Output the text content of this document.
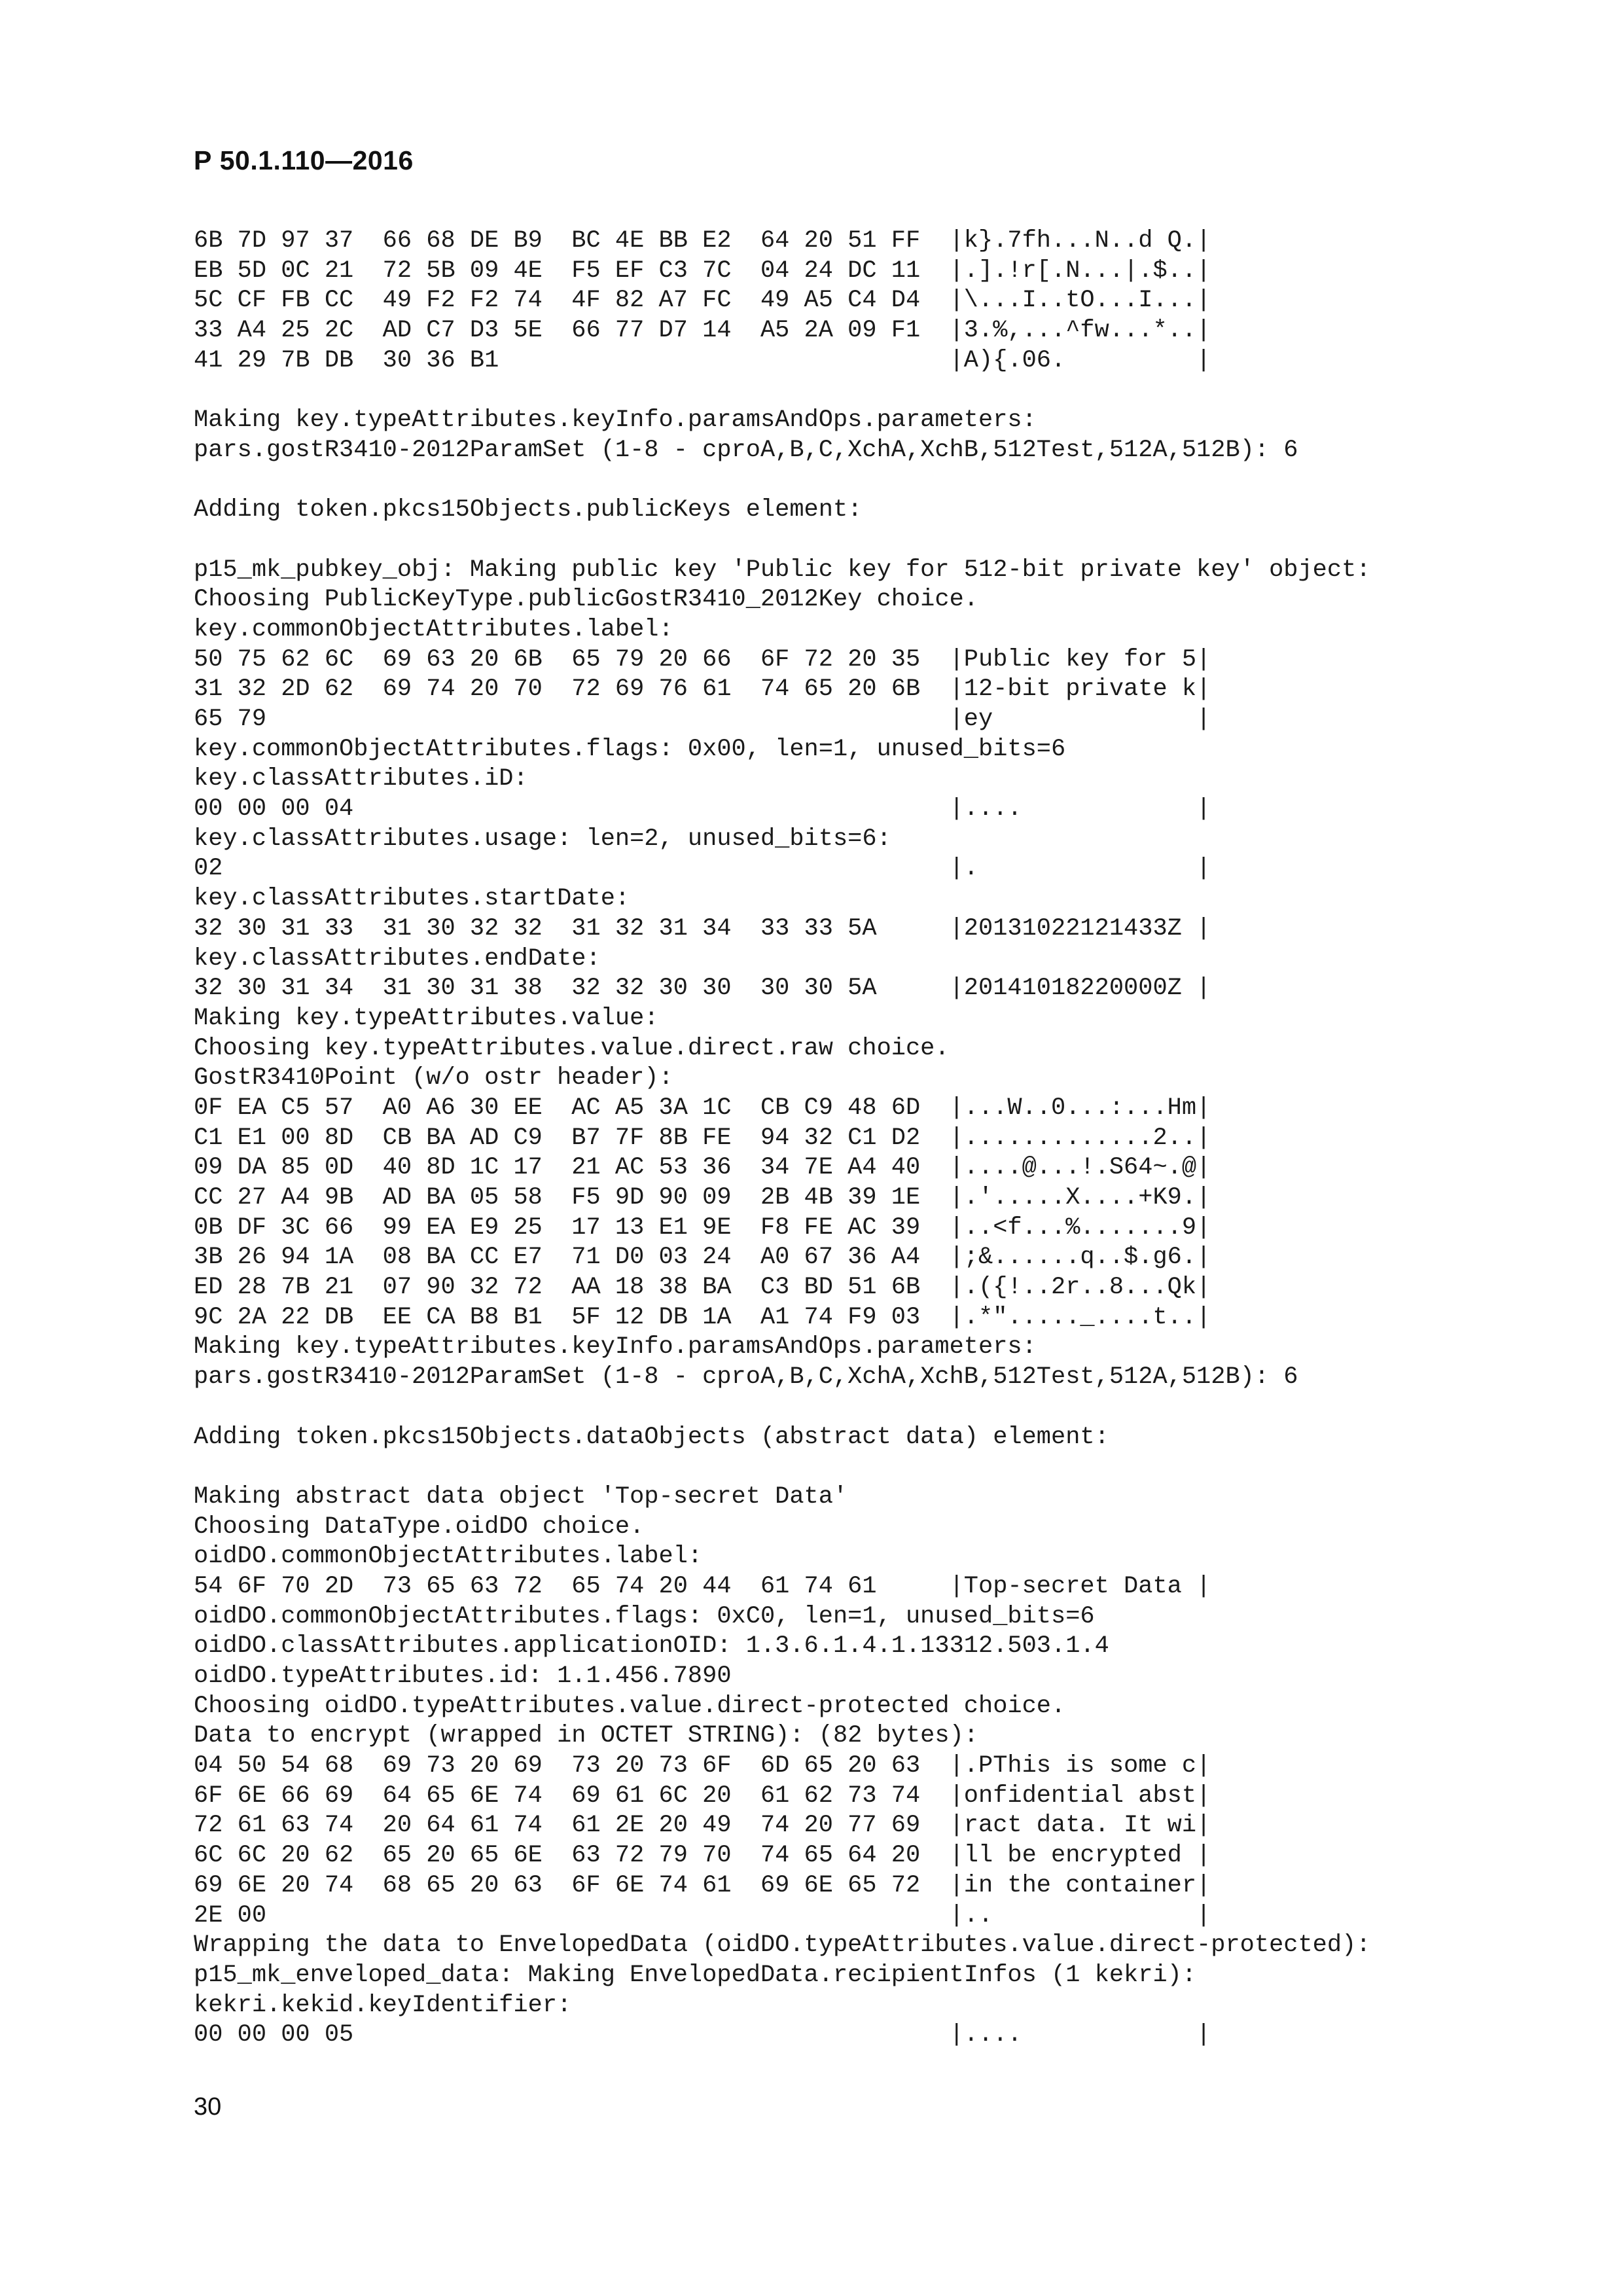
Р 50.1.110—2016
6B 7D 97 37  66 68 DE B9  BC 4E BB E2  64 20 51 FF  |k}.7fh...N..d Q.|
EB 5D 0C 21  72 5B 09 4E  F5 EF C3 7C  04 24 DC 11  |.].!r[.N...|.$..|
5C CF FB CC  49 F2 F2 74  4F 82 A7 FC  49 A5 C4 D4  |\...I..tO...I...|
33 A4 25 2C  AD C7 D3 5E  66 77 D7 14  A5 2A 09 F1  |3.%,...^fw...*..|
41 29 7B DB  30 36 B1                               |A){.06.         |
Making key.typeAttributes.keyInfo.paramsAndOps.parameters:
pars.gostR3410-2012ParamSet (1-8 - cproA,B,C,XchA,XchB,512Test,512A,512B): 6
Adding token.pkcs15Objects.publicKeys element:
p15_mk_pubkey_obj: Making public key 'Public key for 512-bit private key' object:
Choosing PublicKeyType.publicGostR3410_2012Key choice.
key.commonObjectAttributes.label:
50 75 62 6C  69 63 20 6B  65 79 20 66  6F 72 20 35  |Public key for 5|
31 32 2D 62  69 74 20 70  72 69 76 61  74 65 20 6B  |12-bit private k|
65 79                                               |ey              |
key.commonObjectAttributes.flags: 0x00, len=1, unused_bits=6
key.classAttributes.iD:
00 00 00 04                                         |....            |
key.classAttributes.usage: len=2, unused_bits=6:
02                                                  |.               |
key.classAttributes.startDate:
32 30 31 33  31 30 32 32  31 32 31 34  33 33 5A     |20131022121433Z |
key.classAttributes.endDate:
32 30 31 34  31 30 31 38  32 32 30 30  30 30 5A     |20141018220000Z |
Making key.typeAttributes.value:
Choosing key.typeAttributes.value.direct.raw choice.
GostR3410Point (w/o ostr header):
0F EA C5 57  A0 A6 30 EE  AC A5 3A 1C  CB C9 48 6D  |...W..0...:...Hm|
C1 E1 00 8D  CB BA AD C9  B7 7F 8B FE  94 32 C1 D2  |.............2..|
09 DA 85 0D  40 8D 1C 17  21 AC 53 36  34 7E A4 40  |....@...!.S64~.@|
CC 27 A4 9B  AD BA 05 58  F5 9D 90 09  2B 4B 39 1E  |.'.....X....+K9.|
0B DF 3C 66  99 EA E9 25  17 13 E1 9E  F8 FE AC 39  |..<f...%.......9|
3B 26 94 1A  08 BA CC E7  71 D0 03 24  A0 67 36 A4  |;&......q..$.g6.|
ED 28 7B 21  07 90 32 72  AA 18 38 BA  C3 BD 51 6B  |.({!..2r..8...Qk|
9C 2A 22 DB  EE CA B8 B1  5F 12 DB 1A  A1 74 F9 03  |.*"....._....t..|
Making key.typeAttributes.keyInfo.paramsAndOps.parameters:
pars.gostR3410-2012ParamSet (1-8 - cproA,B,C,XchA,XchB,512Test,512A,512B): 6
Adding token.pkcs15Objects.dataObjects (abstract data) element:
Making abstract data object 'Top-secret Data'
Choosing DataType.oidDO choice.
oidDO.commonObjectAttributes.label:
54 6F 70 2D  73 65 63 72  65 74 20 44  61 74 61     |Top-secret Data |
oidDO.commonObjectAttributes.flags: 0xC0, len=1, unused_bits=6
oidDO.classAttributes.applicationOID: 1.3.6.1.4.1.13312.503.1.4
oidDO.typeAttributes.id: 1.1.456.7890
Choosing oidDO.typeAttributes.value.direct-protected choice.
Data to encrypt (wrapped in OCTET STRING): (82 bytes):
04 50 54 68  69 73 20 69  73 20 73 6F  6D 65 20 63  |.PThis is some c|
6F 6E 66 69  64 65 6E 74  69 61 6C 20  61 62 73 74  |onfidential abst|
72 61 63 74  20 64 61 74  61 2E 20 49  74 20 77 69  |ract data. It wi|
6C 6C 20 62  65 20 65 6E  63 72 79 70  74 65 64 20  |ll be encrypted |
69 6E 20 74  68 65 20 63  6F 6E 74 61  69 6E 65 72  |in the container|
2E 00                                               |..              |
Wrapping the data to EnvelopedData (oidDO.typeAttributes.value.direct-protected):
p15_mk_enveloped_data: Making EnvelopedData.recipientInfos (1 kekri):
kekri.kekid.keyIdentifier:
00 00 00 05                                         |....            |
30
